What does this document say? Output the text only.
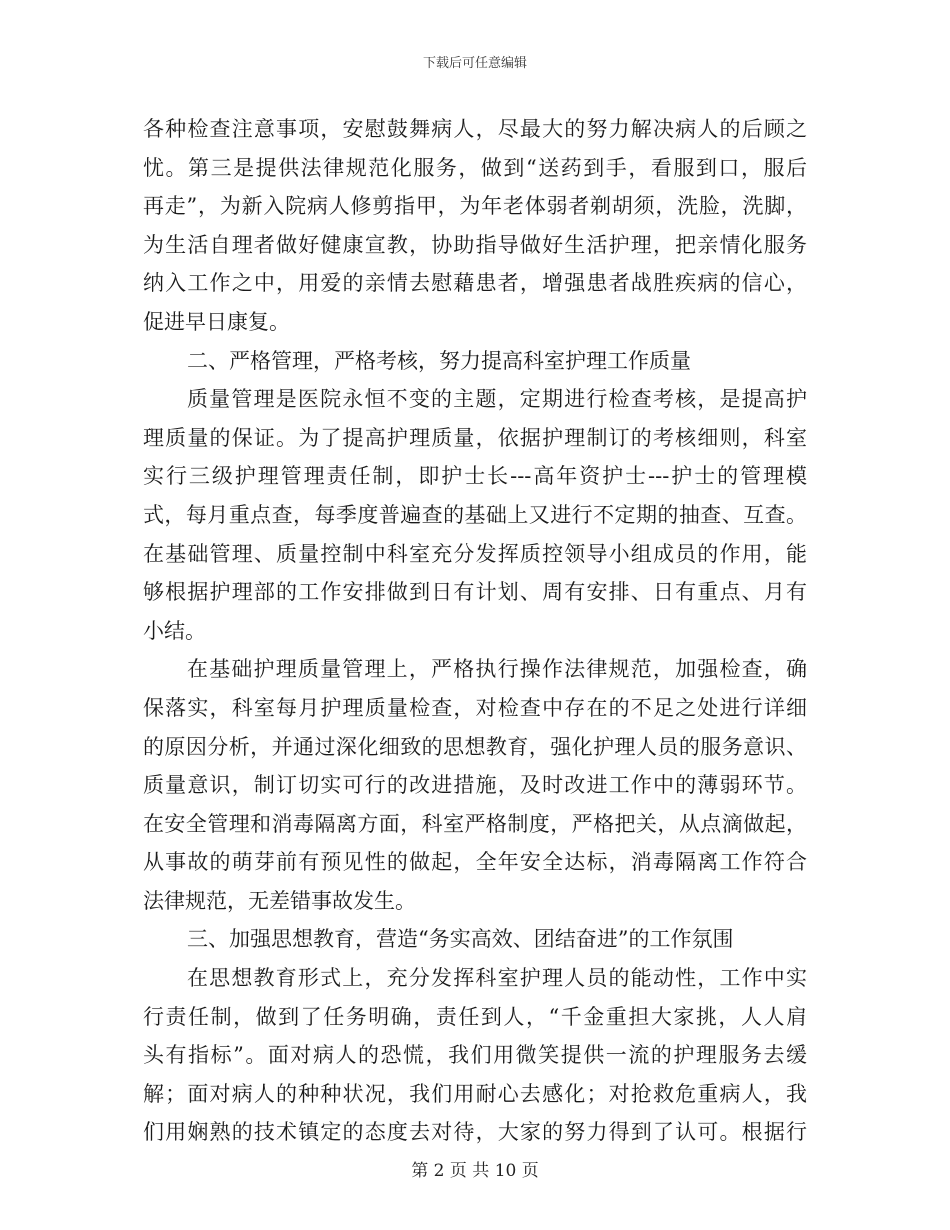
下载后可任意编辑
各种检查注意事项，安慰鼓舞病人，尽最大的努力解决病人的后顾之
忧。第三是提供法律规范化服务，做到“送药到手，看服到口，服后
再走”，为新入院病人修剪指甲，为年老体弱者剃胡须，洗脸，洗脚，
为生活自理者做好健康宣教，协助指导做好生活护理，把亲情化服务
纳入工作之中，用爱的亲情去慰藉患者，增强患者战胜疾病的信心，
促进早日康复。
二、严格管理，严格考核，努力提高科室护理工作质量
质量管理是医院永恒不变的主题，定期进行检查考核，是提高护
理质量的保证。为了提高护理质量，依据护理制订的考核细则，科室
实行三级护理管理责任制，即护士长---高年资护士---护士的管理模
式，每月重点查，每季度普遍查的基础上又进行不定期的抽查、互查。
在基础管理、质量控制中科室充分发挥质控领导小组成员的作用，能
够根据护理部的工作安排做到日有计划、周有安排、日有重点、月有
小结。
在基础护理质量管理上，严格执行操作法律规范，加强检查，确
保落实，科室每月护理质量检查，对检查中存在的不足之处进行详细
的原因分析，并通过深化细致的思想教育，强化护理人员的服务意识、
质量意识，制订切实可行的改进措施，及时改进工作中的薄弱环节。
在安全管理和消毒隔离方面，科室严格制度，严格把关，从点滴做起，
从事故的萌芽前有预见性的做起，全年安全达标，消毒隔离工作符合
法律规范，无差错事故发生。
三、加强思想教育，营造“务实高效、团结奋进”的工作氛围
在思想教育形式上，充分发挥科室护理人员的能动性，工作中实
行责任制，做到了任务明确，责任到人，“千金重担大家挑，人人肩
头有指标”。面对病人的恐慌，我们用微笑提供一流的护理服务去缓
解；面对病人的种种状况，我们用耐心去感化；对抢救危重病人，我
们用娴熟的技术镇定的态度去对待，大家的努力得到了认可。根据行
第 2 页 共 10 页
